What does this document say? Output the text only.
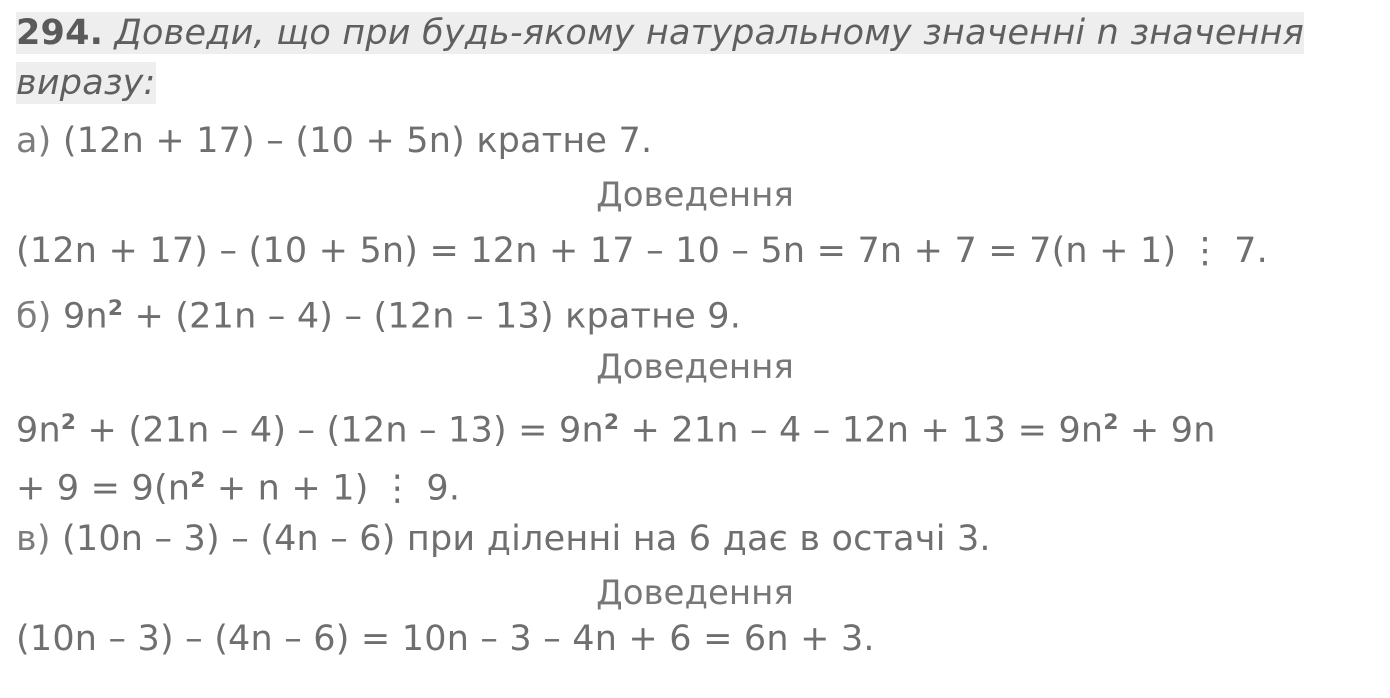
294. Доведи, що при будь-якому натуральному значенні n значення
виразу:
а) (12n + 17) – (10 + 5n) кратне 7.
Доведення
(12n + 17) – (10 + 5n) = 12n + 17 – 10 – 5n = 7n + 7 = 7(n + 1) ⋮ 7.
б) $9n^2 + (21n - 4) - (12n - 13)$ кратне 9.
Доведення
$9n^2 + (21n - 4) - (12n - 13) = 9n^2 + 21n - 4 - 12n + 13 = 9n^2 + 9n$
+ $9 = 9(n^2 + n + 1)$ ⋮ 9.
в) (10n – 3) – (4n – 6) при діленні на 6 дає в остачі 3.
Доведення
(10n – 3) – (4n – 6) = 10n – 3 – 4n + 6 = 6n + 3.
